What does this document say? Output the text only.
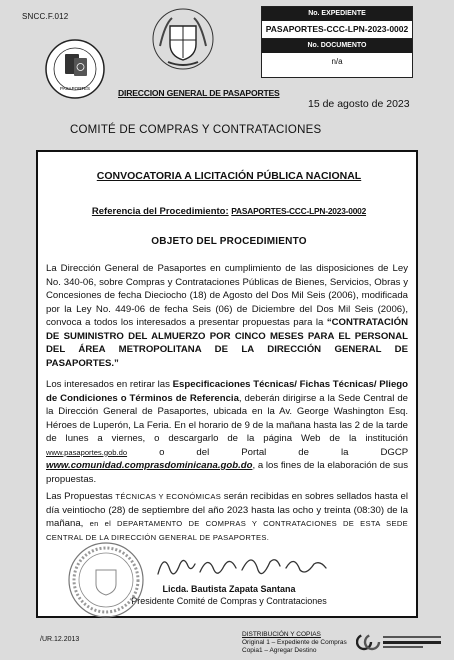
SNCC.F.012
PASAPORTES
No. EXPEDIENTE
PASAPORTES-CCC-LPN-2023-0002
No. DOCUMENTO
n/a
DIRECCION GENERAL DE PASAPORTES
15 de agosto de 2023
COMITÉ DE COMPRAS Y CONTRATACIONES
CONVOCATORIA A LICITACIÓN PÚBLICA NACIONAL
Referencia del Procedimiento: PASAPORTES-CCC-LPN-2023-0002
OBJETO DEL PROCEDIMIENTO
La Dirección General de Pasaportes en cumplimiento de las disposiciones de Ley No. 340-06, sobre Compras y Contrataciones Públicas de Bienes, Servicios, Obras y Concesiones de fecha Dieciocho (18) de Agosto del Dos Mil Seis (2006), modificada por la Ley No. 449-06 de fecha Seis (06) de Diciembre del Dos Mil Seis (2006), convoca a todos los interesados a presentar propuestas para la “CONTRATACIÓN DE SUMINISTRO DEL ALMUERZO POR CINCO MESES PARA EL PERSONAL DEL ÁREA METROPOLITANA DE LA DIRECCIÓN GENERAL DE PASAPORTES.”
Los interesados en retirar las Especificaciones Técnicas/ Fichas Técnicas/ Pliego de Condiciones o Términos de Referencia, deberán dirigirse a la Sede Central de la Dirección General de Pasaportes, ubicada en la Av. George Washington Esq. Héroes de Luperón, La Feria. En el horario de 9 de la mañana hasta las 2 de la tarde de lunes a viernes, o descargarlo de la página Web de la institución www.pasaportes.gob.do	o del Portal de la DGCP www.comunidad.comprasdominicana.gob.do, a los fines de la elaboración de sus propuestas.
Las Propuestas TÉCNICAS Y ECONÓMICAS serán recibidas en sobres sellados hasta el día veintiocho (28) de septiembre del año 2023 hasta las ocho y treinta (08:30) de la mañana, en el DEPARTAMENTO DE COMPRAS Y CONTRATACIONES DE ESTA SEDE CENTRAL DE LA DIRECCIÓN GENERAL DE PASAPORTES.
Licda. Bautista Zapata Santana
Presidente Comité de Compras y Contrataciones
/UR.12.2013
DISTRIBUCIÓN Y COPIAS
Original 1 – Expediente de Compras
Copia1 – Agregar Destino
